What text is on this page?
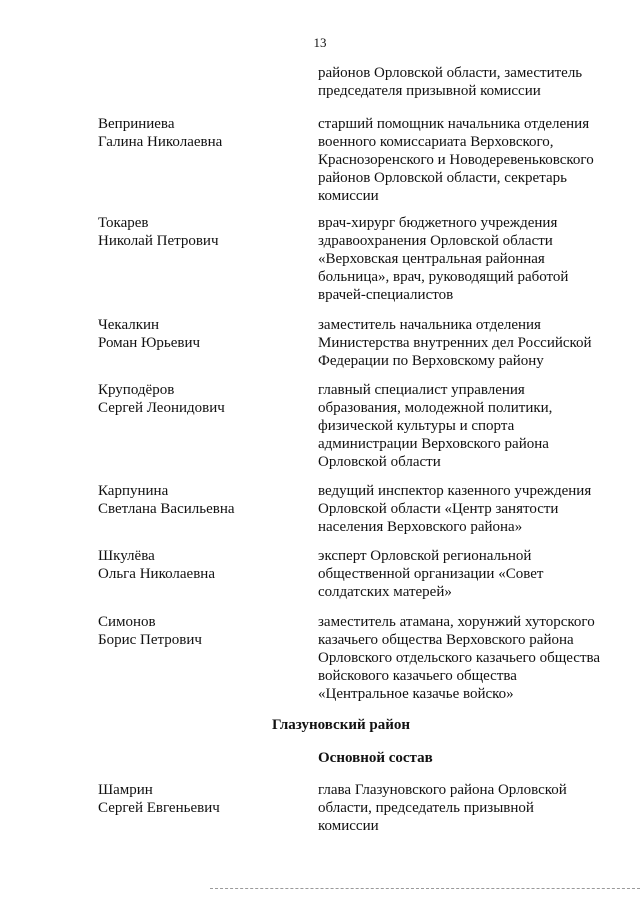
13
районов Орловской области, заместитель
председателя призывной комиссии
Веприниева
Галина Николаевна
старший помощник начальника отделения
военного комиссариата Верховского,
Краснозоренского и Новодеревеньковского
районов Орловской области, секретарь
комиссии
Токарев
Николай Петрович
врач-хирург бюджетного учреждения
здравоохранения Орловской области
«Верховская центральная районная
больница», врач, руководящий работой
врачей-специалистов
Чекалкин
Роман Юрьевич
заместитель начальника отделения
Министерства внутренних дел Российской
Федерации по Верховскому району
Круподёров
Сергей Леонидович
главный специалист управления
образования, молодежной политики,
физической культуры и спорта
администрации Верховского района
Орловской области
Карпунина
Светлана Васильевна
ведущий инспектор казенного учреждения
Орловской области «Центр занятости
населения Верховского района»
Шкулёва
Ольга Николаевна
эксперт Орловской региональной
общественной организации «Совет
солдатских матерей»
Симонов
Борис Петрович
заместитель атамана, хорунжий хуторского
казачьего общества Верховского района
Орловского отдельского казачьего общества
войскового казачьего общества
«Центральное казачье войско»
Глазуновский район
Основной состав
Шамрин
Сергей Евгеньевич
глава Глазуновского района Орловской
области, председатель призывной
комиссии
